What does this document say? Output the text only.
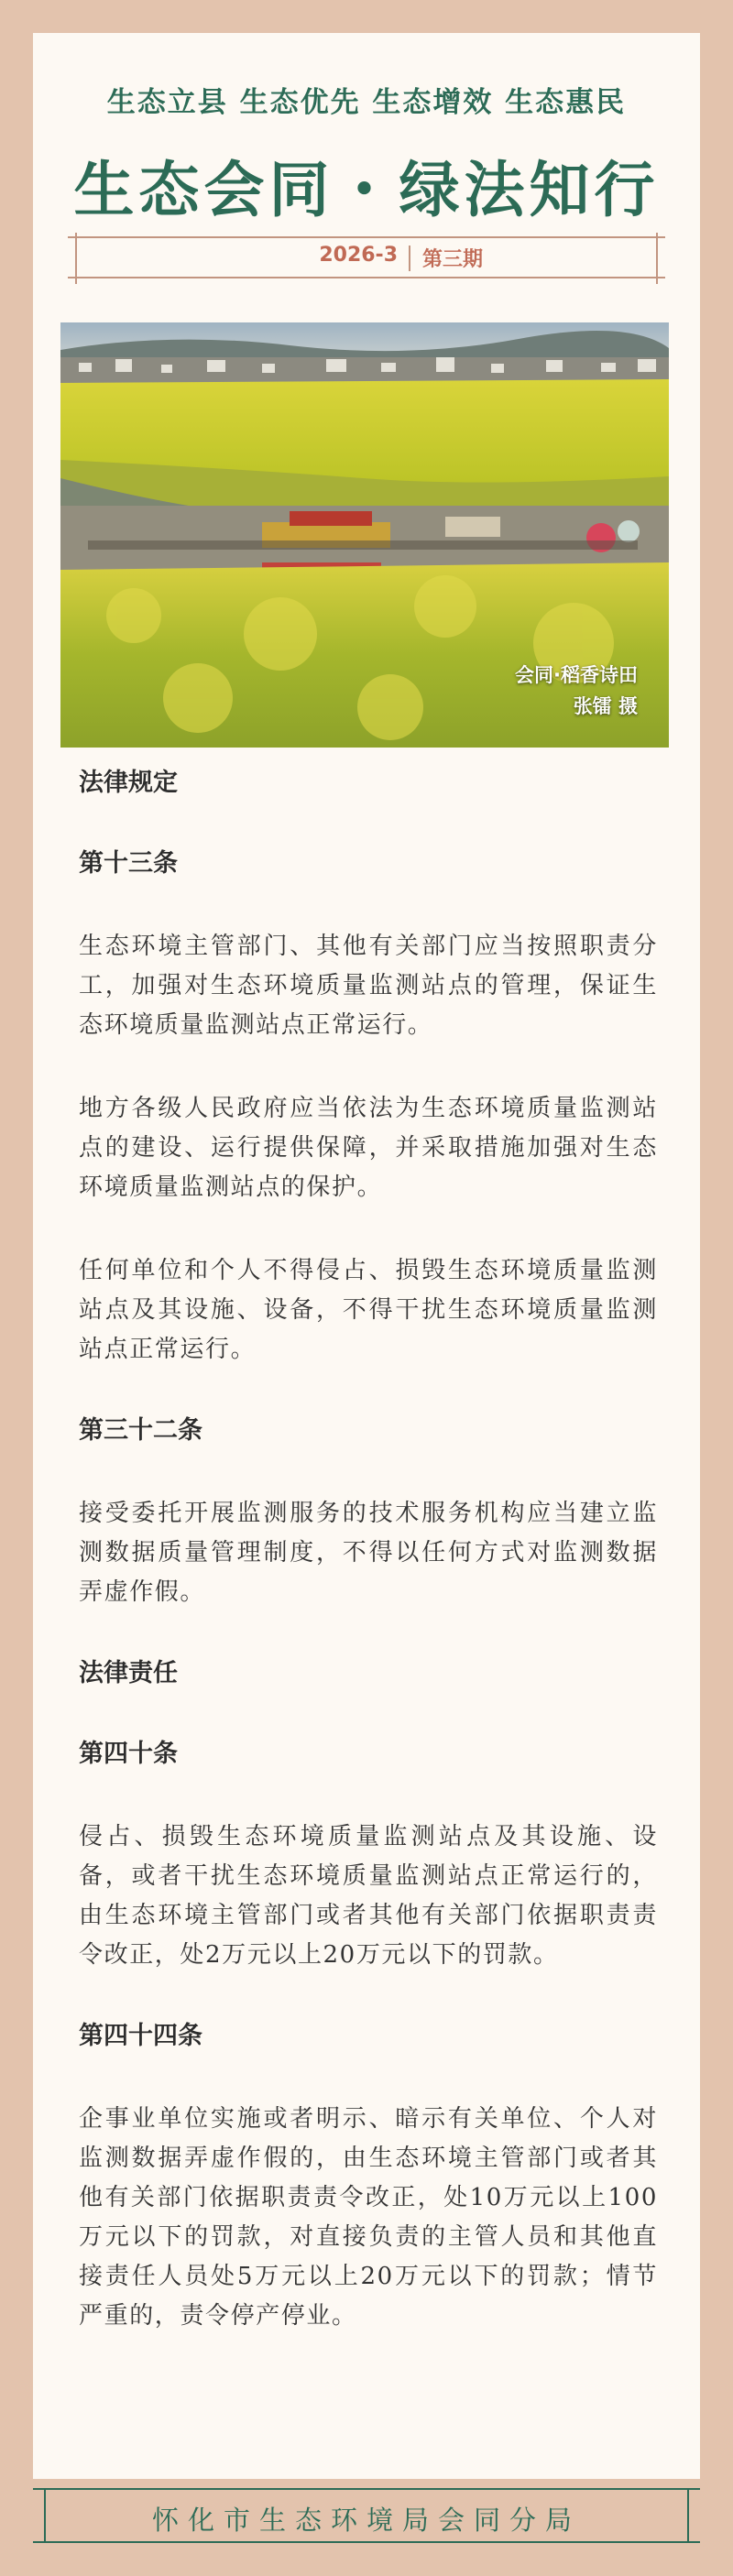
生态立县 生态优先 生态增效 生态惠民
生态会同・绿法知行
2026-3 第三期
会同·稻香诗田
张镭 摄
法律规定
第十三条

生态环境主管部门、其他有关部门应当按照职责分工，加强对生态环境质量监测站点的管理，保证生态环境质量监测站点正常运行。

地方各级人民政府应当依法为生态环境质量监测站点的建设、运行提供保障，并采取措施加强对生态环境质量监测站点的保护。

任何单位和个人不得侵占、损毁生态环境质量监测站点及其设施、设备，不得干扰生态环境质量监测站点正常运行。

第三十二条

接受委托开展监测服务的技术服务机构应当建立监测数据质量管理制度，不得以任何方式对监测数据弄虚作假。

法律责任
第四十条

侵占、损毁生态环境质量监测站点及其设施、设备，或者干扰生态环境质量监测站点正常运行的，由生态环境主管部门或者其他有关部门依据职责责令改正，处2万元以上20万元以下的罚款。

第四十四条

企事业单位实施或者明示、暗示有关单位、个人对监测数据弄虚作假的，由生态环境主管部门或者其他有关部门依据职责责令改正，处10万元以上100万元以下的罚款，对直接负责的主管人员和其他直接责任人员处5万元以上20万元以下的罚款；情节严重的，责令停产停业。

怀化市生态环境局会同分局
